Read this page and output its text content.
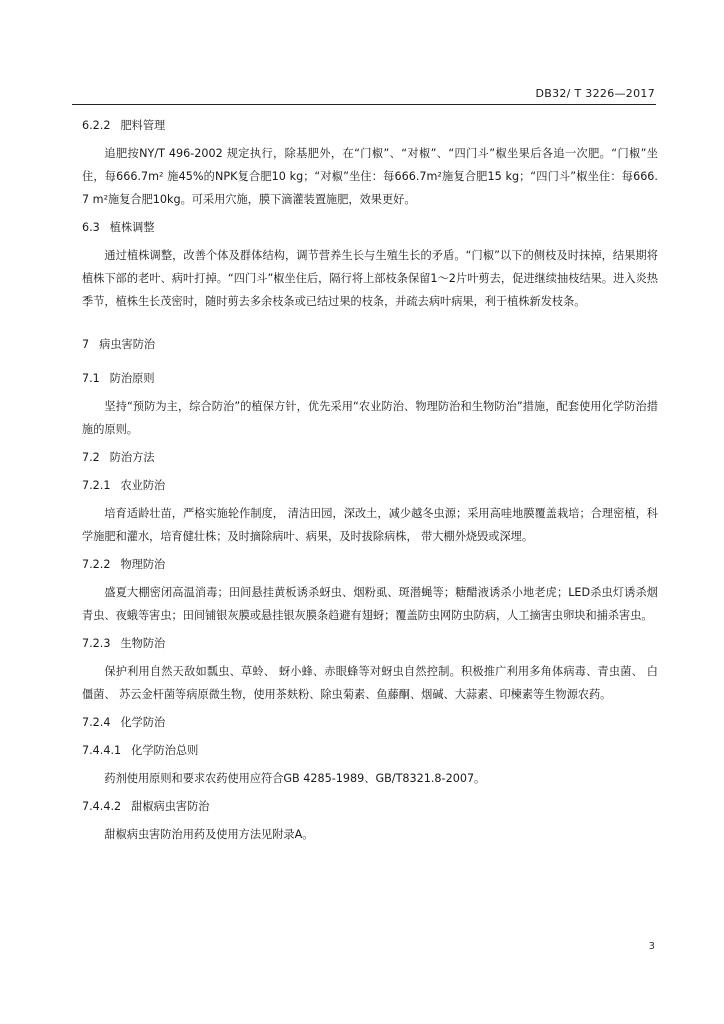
DB32/ T 3226—2017
6.2.2 肥料管理

追肥按NY/T 496-2002 规定执行，除基肥外，在“门椒”、“对椒”、“四门斗”椒坐果后各追一次肥。“门椒”坐住，每666.7m² 施45%的NPK复合肥10 kg；“对椒”坐住：每666.7m²施复合肥15 kg；“四门斗”椒坐住：每666.7 m²施复合肥10kg。可采用穴施，膜下滴灌装置施肥，效果更好。

6.3 植株调整

通过植株调整，改善个体及群体结构，调节营养生长与生殖生长的矛盾。“门椒”以下的侧枝及时抹掉，结果期将植株下部的老叶、病叶打掉。“四门斗”椒坐住后，隔行将上部枝条保留1～2片叶剪去，促进继续抽枝结果。进入炎热季节，植株生长茂密时，随时剪去多余枝条或已结过果的枝条，并疏去病叶病果，利于植株新发枝条。

7 病虫害防治
7.1 防治原则

坚持“预防为主，综合防治”的植保方针，优先采用“农业防治、物理防治和生物防治”措施，配套使用化学防治措施的原则。

7.2 防治方法
7.2.1 农业防治

培育适龄壮苗，严格实施轮作制度， 清洁田园，深改土，减少越冬虫源；采用高哇地膜覆盖栽培；合理密植，科学施肥和灌水，培育健壮株；及时摘除病叶、病果，及时拔除病株， 带大棚外烧毁或深埋。

7.2.2 物理防治

盛夏大棚密闭高温消毒；田间悬挂黄板诱杀蚜虫、烟粉虱、斑潜蝇等；糖醋液诱杀小地老虎；LED杀虫灯诱杀烟青虫、夜蛾等害虫；田间铺银灰膜或悬挂银灰膜条趋避有翅蚜；覆盖防虫网防虫防病，人工摘害虫卵块和捕杀害虫。

7.2.3 生物防治

保护利用自然天敌如瓢虫、草蛉、 蚜小蜂、赤眼蜂等对蚜虫自然控制。积极推广利用多角体病毒、青虫菌、 白僵菌、 苏云金杆菌等病原微生物，使用茶麸粉、除虫菊素、鱼藤酮、烟碱、大蒜素、印楝素等生物源农药。

7.2.4 化学防治
7.4.4.1 化学防治总则

药剂使用原则和要求农药使用应符合GB 4285-1989、GB/T8321.8-2007。

7.4.4.2 甜椒病虫害防治

甜椒病虫害防治用药及使用方法见附录A。

3
